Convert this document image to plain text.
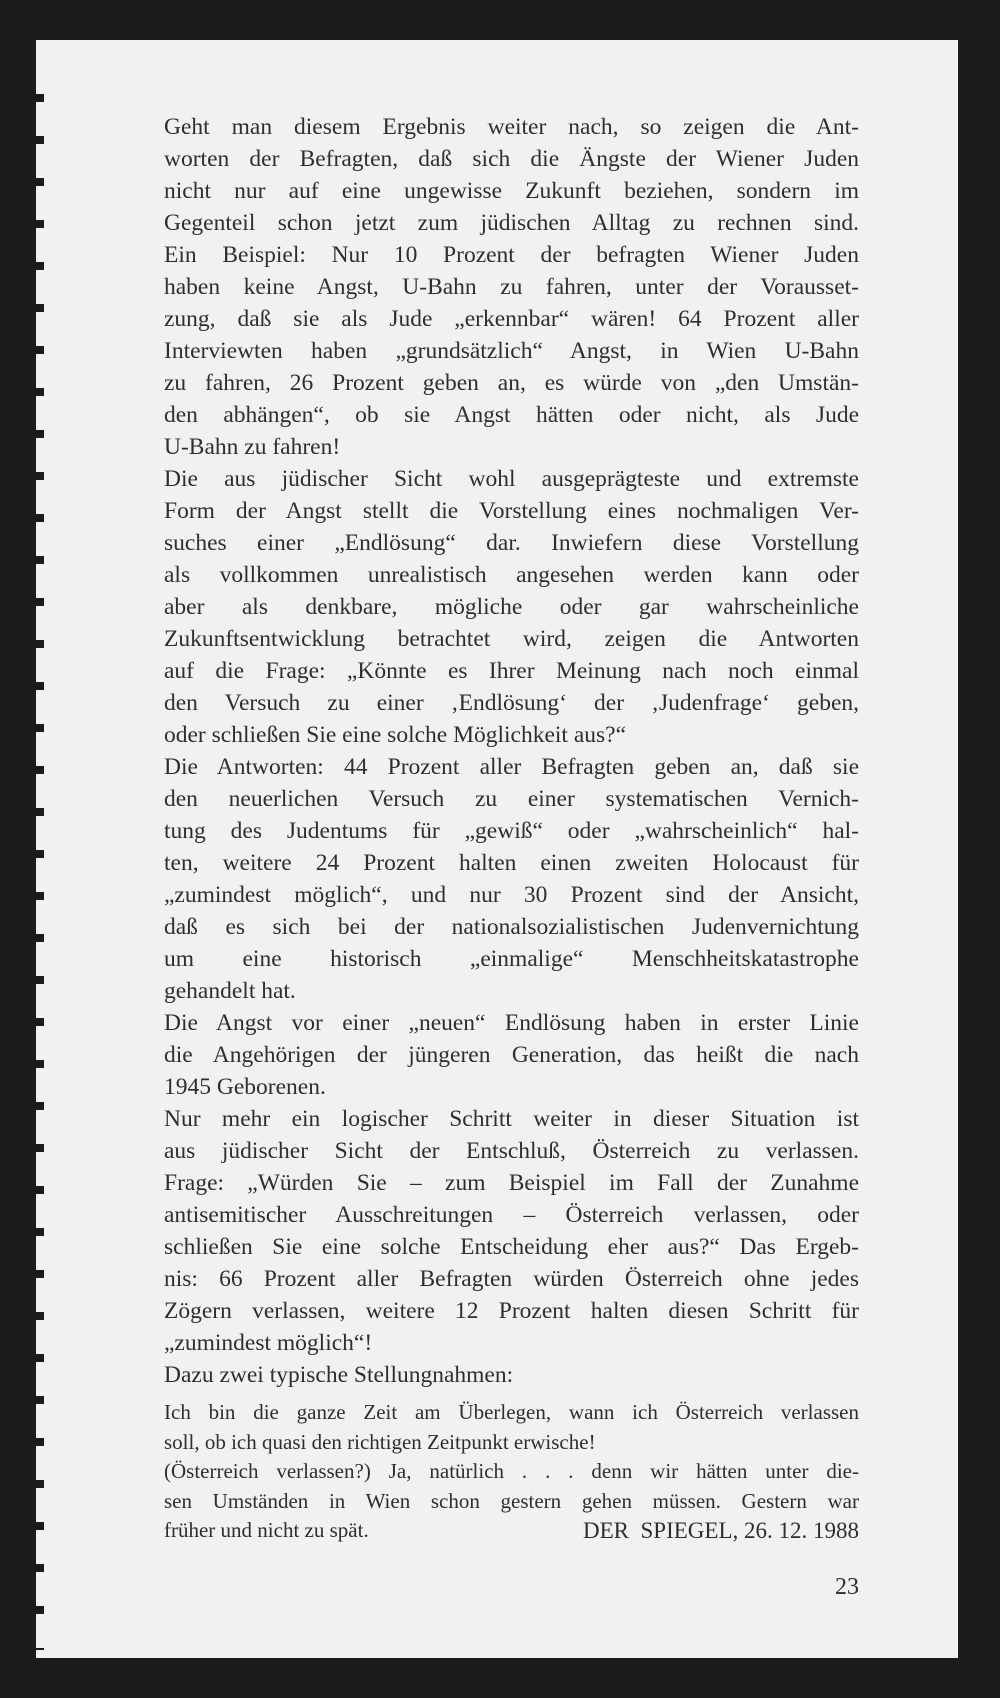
Geht man diesem Ergebnis weiter nach, so zeigen die Ant-
worten der Befragten, daß sich die Ängste der Wiener Juden
nicht nur auf eine ungewisse Zukunft beziehen, sondern im
Gegenteil schon jetzt zum jüdischen Alltag zu rechnen sind.
Ein Beispiel: Nur 10 Prozent der befragten Wiener Juden
haben keine Angst, U-Bahn zu fahren, unter der Vorausset-
zung, daß sie als Jude „erkennbar“ wären! 64 Prozent aller
Interviewten haben „grundsätzlich“ Angst, in Wien U-Bahn
zu fahren, 26 Prozent geben an, es würde von „den Umstän-
den abhängen“, ob sie Angst hätten oder nicht, als Jude
U-Bahn zu fahren!
Die aus jüdischer Sicht wohl ausgeprägteste und extremste
Form der Angst stellt die Vorstellung eines nochmaligen Ver-
suches einer „Endlösung“ dar. Inwiefern diese Vorstellung
als vollkommen unrealistisch angesehen werden kann oder
aber als denkbare, mögliche oder gar wahrscheinliche
Zukunftsentwicklung betrachtet wird, zeigen die Antworten
auf die Frage: „Könnte es Ihrer Meinung nach noch einmal
den Versuch zu einer ‚Endlösung‘ der ‚Judenfrage‘ geben,
oder schließen Sie eine solche Möglichkeit aus?“
Die Antworten: 44 Prozent aller Befragten geben an, daß sie
den neuerlichen Versuch zu einer systematischen Vernich-
tung des Judentums für „gewiß“ oder „wahrscheinlich“ hal-
ten, weitere 24 Prozent halten einen zweiten Holocaust für
„zumindest möglich“, und nur 30 Prozent sind der Ansicht,
daß es sich bei der nationalsozialistischen Judenvernichtung
um eine historisch „einmalige“ Menschheitskatastrophe
gehandelt hat.
Die Angst vor einer „neuen“ Endlösung haben in erster Linie
die Angehörigen der jüngeren Generation, das heißt die nach
1945 Geborenen.
Nur mehr ein logischer Schritt weiter in dieser Situation ist
aus jüdischer Sicht der Entschluß, Österreich zu verlassen.
Frage: „Würden Sie – zum Beispiel im Fall der Zunahme
antisemitischer Ausschreitungen – Österreich verlassen, oder
schließen Sie eine solche Entscheidung eher aus?“ Das Ergeb-
nis: 66 Prozent aller Befragten würden Österreich ohne jedes
Zögern verlassen, weitere 12 Prozent halten diesen Schritt für
„zumindest möglich“!
Dazu zwei typische Stellungnahmen:
Ich bin die ganze Zeit am Überlegen, wann ich Österreich verlassen
soll, ob ich quasi den richtigen Zeitpunkt erwische!
(Österreich verlassen?) Ja, natürlich . . . denn wir hätten unter die-
sen Umständen in Wien schon gestern gehen müssen. Gestern war
früher und nicht zu spät.	DER  SPIEGEL, 26. 12. 1988
23
